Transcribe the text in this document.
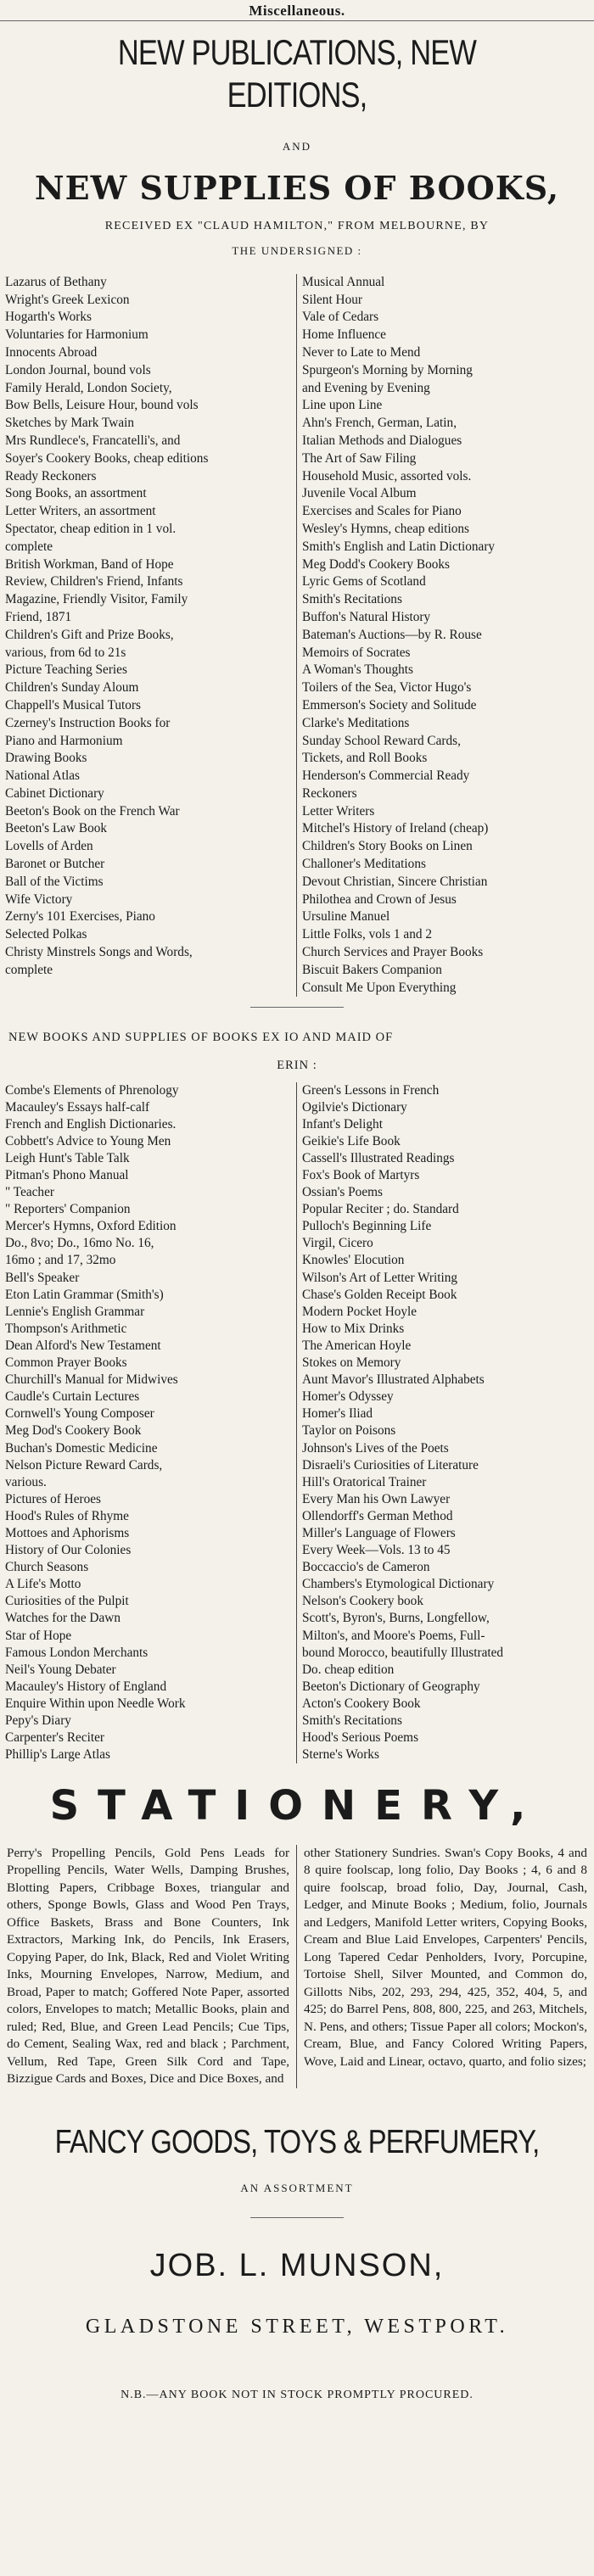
Miscellaneous.
NEW PUBLICATIONS, NEW EDITIONS,
AND
NEW SUPPLIES OF BOOKS,
RECEIVED EX "CLAUD HAMILTON," FROM MELBOURNE, BY
THE UNDERSIGNED :
Lazarus of Bethany
Wright's Greek Lexicon
Hogarth's Works
Voluntaries for Harmonium
Innocents Abroad
London Journal, bound vols
Family Herald, London Society,
Bow Bells, Leisure Hour, bound vols
Sketches by Mark Twain
Mrs Rundlece's, Francatelli's, and
Soyer's Cookery Books, cheap editions
Ready Reckoners
Song Books, an assortment
Letter Writers, an assortment
Spectator, cheap edition in 1 vol.
complete
British Workman, Band of Hope
Review, Children's Friend, Infants
Magazine, Friendly Visitor, Family
Friend, 1871
Children's Gift and Prize Books,
various, from 6d to 21s
Picture Teaching Series
Children's Sunday Aloum
Chappell's Musical Tutors
Czerney's Instruction Books for
Piano and Harmonium
Drawing Books
National Atlas
Cabinet Dictionary
Beeton's Book on the French War
Beeton's Law Book
Lovells of Arden
Baronet or Butcher
Ball of the Victims
Wife Victory
Zerny's 101 Exercises, Piano
Selected Polkas
Christy Minstrels Songs and Words,
complete
Musical Annual
Silent Hour
Vale of Cedars
Home Influence
Never to Late to Mend
Spurgeon's Morning by Morning
and Evening by Evening
Line upon Line
Ahn's French, German, Latin,
Italian Methods and Dialogues
The Art of Saw Filing
Household Music, assorted vols.
Juvenile Vocal Album
Exercises and Scales for Piano
Wesley's Hymns, cheap editions
Smith's English and Latin Dictionary
Meg Dodd's Cookery Books
Lyric Gems of Scotland
Smith's Recitations
Buffon's Natural History
Bateman's Auctions—by R. Rouse
Memoirs of Socrates
A Woman's Thoughts
Toilers of the Sea, Victor Hugo's
Emmerson's Society and Solitude
Clarke's Meditations
Sunday School Reward Cards,
Tickets, and Roll Books
Henderson's Commercial Ready
Reckoners
Letter Writers
Mitchel's History of Ireland (cheap)
Children's Story Books on Linen
Challoner's Meditations
Devout Christian, Sincere Christian
Philothea and Crown of Jesus
Ursuline Manuel
Little Folks, vols 1 and 2
Church Services and Prayer Books
Biscuit Bakers Companion
Consult Me Upon Everything
NEW BOOKS AND SUPPLIES OF BOOKS EX IO AND MAID OF
ERIN :
Combe's Elements of Phrenology
Macauley's Essays half-calf
French and English Dictionaries.
Cobbett's Advice to Young Men
Leigh Hunt's Table Talk
Pitman's Phono Manual
" Teacher
" Reporters' Companion
Mercer's Hymns, Oxford Edition
Do., 8vo; Do., 16mo No. 16,
16mo ; and 17, 32mo
Bell's Speaker
Eton Latin Grammar (Smith's)
Lennie's English Grammar
Thompson's Arithmetic
Dean Alford's New Testament
Common Prayer Books
Churchill's Manual for Midwives
Caudle's Curtain Lectures
Cornwell's Young Composer
Meg Dod's Cookery Book
Buchan's Domestic Medicine
Nelson Picture Reward Cards,
various.
Pictures of Heroes
Hood's Rules of Rhyme
Mottoes and Aphorisms
History of Our Colonies
Church Seasons
A Life's Motto
Curiosities of the Pulpit
Watches for the Dawn
Star of Hope
Famous London Merchants
Neil's Young Debater
Macauley's History of England
Enquire Within upon Needle Work
Pepy's Diary
Carpenter's Reciter
Phillip's Large Atlas
Green's Lessons in French
Ogilvie's Dictionary
Infant's Delight
Geikie's Life Book
Cassell's Illustrated Readings
Fox's Book of Martyrs
Ossian's Poems
Popular Reciter ; do. Standard
Pulloch's Beginning Life
Virgil, Cicero
Knowles' Elocution
Wilson's Art of Letter Writing
Chase's Golden Receipt Book
Modern Pocket Hoyle
How to Mix Drinks
The American Hoyle
Stokes on Memory
Aunt Mavor's Illustrated Alphabets
Homer's Odyssey
Homer's Iliad
Taylor on Poisons
Johnson's Lives of the Poets
Disraeli's Curiosities of Literature
Hill's Oratorical Trainer
Every Man his Own Lawyer
Ollendorff's German Method
Miller's Language of Flowers
Every Week—Vols. 13 to 45
Boccaccio's de Cameron
Chambers's Etymological Dictionary
Nelson's Cookery book
Scott's, Byron's, Burns, Longfellow,
Milton's, and Moore's Poems, Full-
bound Morocco, beautifully Illustrated
Do. cheap edition
Beeton's Dictionary of Geography
Acton's Cookery Book
Smith's Recitations
Hood's Serious Poems
Sterne's Works
STATIONERY,
Perry's Propelling Pencils, Gold Pens Leads for Propelling Pencils, Water Wells, Damping Brushes, Blotting Papers, Cribbage Boxes, triangular and others, Sponge Bowls, Glass and Wood Pen Trays, Office Baskets, Brass and Bone Counters, Ink Extractors, Marking Ink, do Pencils, Ink Erasers, Copying Paper, do Ink, Black, Red and Violet Writing Inks, Mourning Envelopes, Narrow, Medium, and Broad, Paper to match; Goffered Note Paper, assorted colors, Envelopes to match; Metallic Books, plain and ruled; Red, Blue, and Green Lead Pencils; Cue Tips, do Cement, Sealing Wax, red and black ; Parchment, Vellum, Red Tape, Green Silk Cord and Tape, Bizzigue Cards and Boxes, Dice and Dice Boxes, and
other Stationery Sundries. Swan's Copy Books, 4 and 8 quire foolscap, long folio, Day Books ; 4, 6 and 8 quire foolscap, broad folio, Day, Journal, Cash, Ledger, and Minute Books ; Medium, folio, Journals and Ledgers, Manifold Letter writers, Copying Books, Cream and Blue Laid Envelopes, Carpenters' Pencils, Long Tapered Cedar Penholders, Ivory, Porcupine, Tortoise Shell, Silver Mounted, and Common do, Gillotts Nibs, 202, 293, 294, 425, 352, 404, 5, and 425; do Barrel Pens, 808, 800, 225, and 263, Mitchels, N. Pens, and others; Tissue Paper all colors; Mockon's, Cream, Blue, and Fancy Colored Writing Papers, Wove, Laid and Linear, octavo, quarto, and folio sizes;
FANCY GOODS, TOYS & PERFUMERY,
AN ASSORTMENT
JOB. L. MUNSON,
GLADSTONE STREET, WESTPORT.
N.B.—ANY BOOK NOT IN STOCK PROMPTLY PROCURED.
